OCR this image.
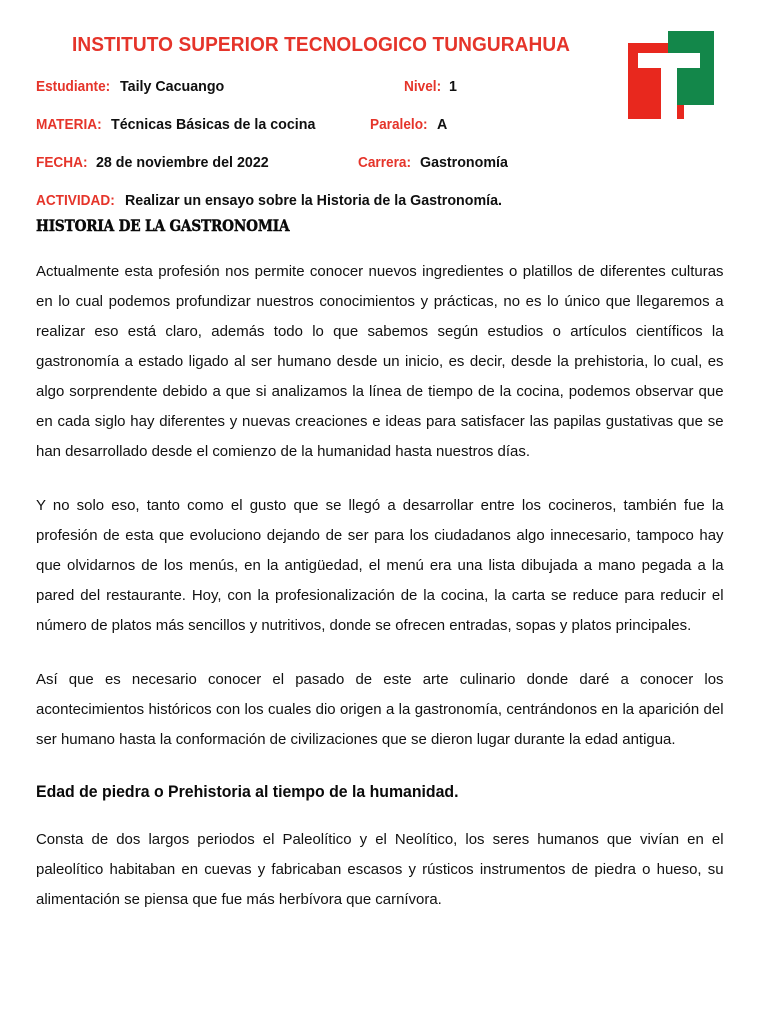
INSTITUTO SUPERIOR TECNOLOGICO TUNGURAHUA
Estudiante: Taily Cacuango	Nivel: 1
MATERIA: Técnicas Básicas de la cocina	Paralelo: A
FECHA: 28 de noviembre del 2022	Carrera: Gastronomía
ACTIVIDAD: Realizar un ensayo sobre la Historia de la Gastronomía.
HISTORIA DE LA GASTRONOMIA

Actualmente esta profesión nos permite conocer nuevos ingredientes o platillos de diferentes culturas en lo cual podemos profundizar nuestros conocimientos y prácticas, no es lo único que llegaremos a realizar eso está claro, además todo lo que sabemos según estudios o artículos científicos la gastronomía a estado ligado al ser humano desde un inicio, es decir, desde la prehistoria, lo cual, es algo sorprendente debido a que si analizamos la línea de tiempo de la cocina, podemos observar que en cada siglo hay diferentes y nuevas creaciones e ideas para satisfacer las papilas gustativas que se han desarrollado desde el comienzo de la humanidad hasta nuestros días.

Y no solo eso, tanto como el gusto que se llegó a desarrollar entre los cocineros, también fue la profesión de esta que evoluciono dejando de ser para los ciudadanos algo innecesario, tampoco hay que olvidarnos de los menús, en la antigüedad, el menú era una lista dibujada a mano pegada a la pared del restaurante. Hoy, con la profesionalización de la cocina, la carta se reduce para reducir el número de platos más sencillos y nutritivos, donde se ofrecen entradas, sopas y platos principales.

Así que es necesario conocer el pasado de este arte culinario donde daré a conocer los acontecimientos históricos con los cuales dio origen a la gastronomía, centrándonos en la aparición del ser humano hasta la conformación de civilizaciones que se dieron lugar durante la edad antigua.

Edad de piedra o Prehistoria al tiempo de la humanidad.

Consta de dos largos periodos el Paleolítico y el Neolítico, los seres humanos que vivían en el paleolítico habitaban en cuevas y fabricaban escasos y rústicos instrumentos de piedra o hueso, su alimentación se piensa que fue más herbívora que carnívora.
